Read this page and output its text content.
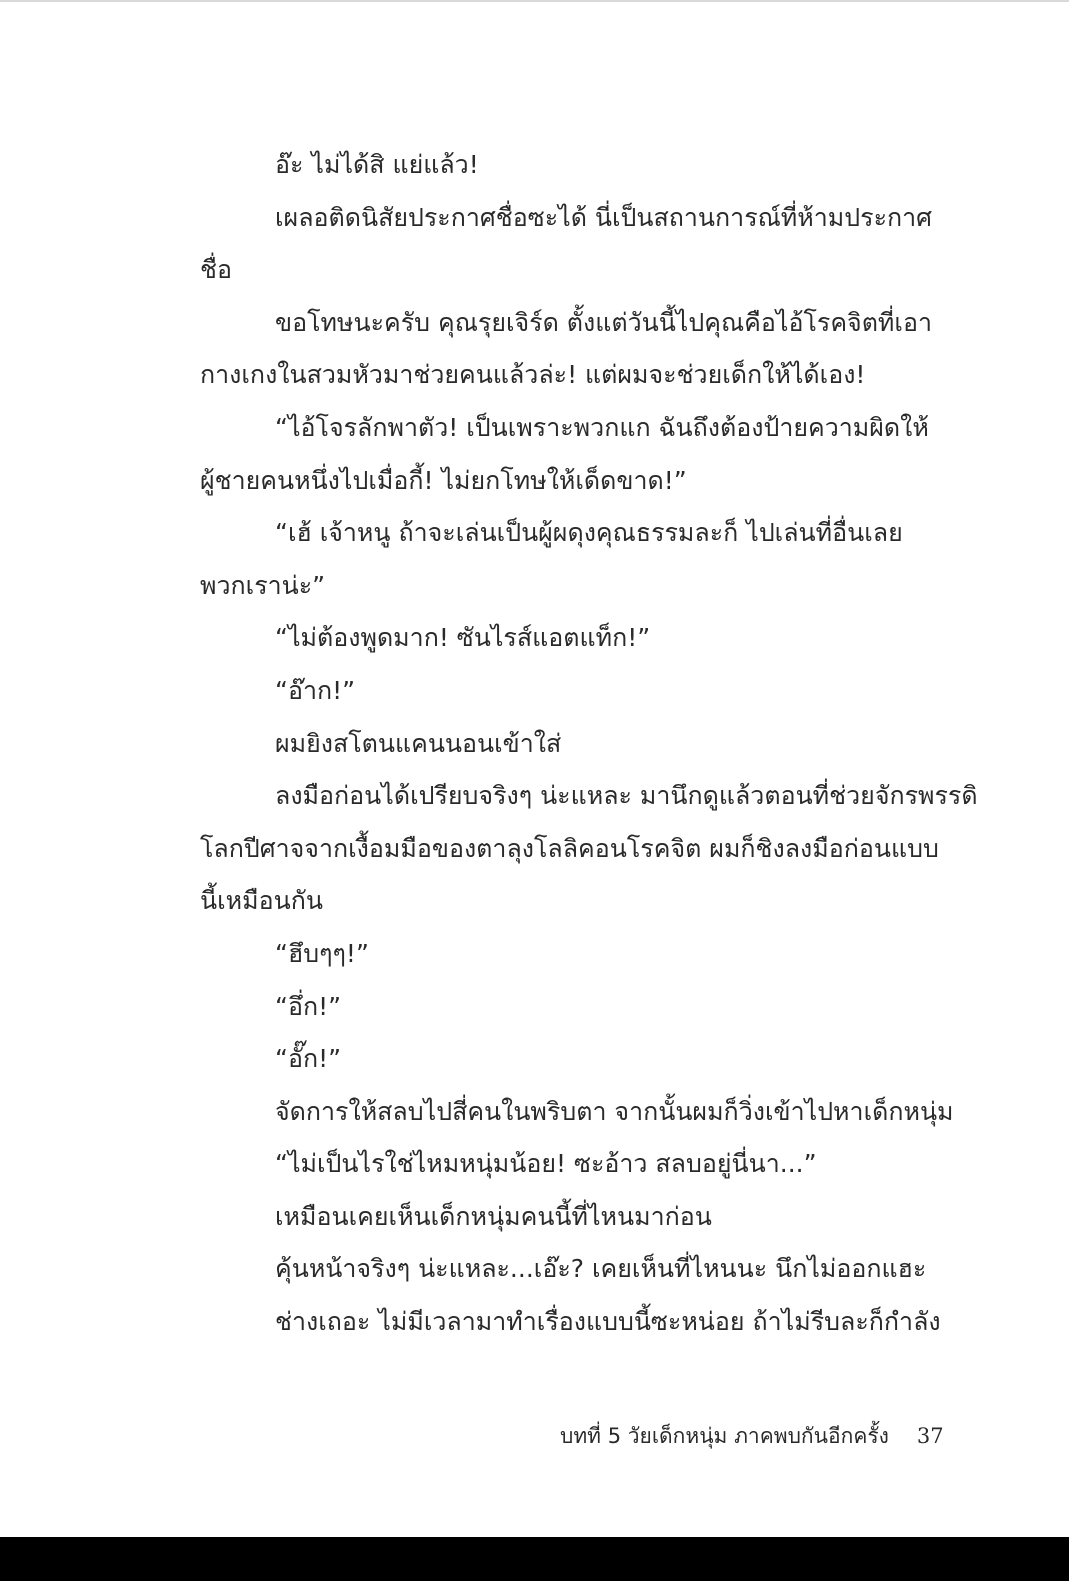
อ๊ะ ไม่ได้สิ แย่แล้ว!
เผลอติดนิสัยประกาศชื่อซะได้ นี่เป็นสถานการณ์ที่ห้ามประกาศ
ชื่อ
ขอโทษนะครับ คุณรุยเจิร์ด ตั้งแต่วันนี้ไปคุณคือไอ้โรคจิตที่เอา
กางเกงในสวมหัวมาช่วยคนแล้วล่ะ! แต่ผมจะช่วยเด็กให้ได้เอง!
“ไอ้โจรลักพาตัว! เป็นเพราะพวกแก ฉันถึงต้องป้ายความผิดให้
ผู้ชายคนหนึ่งไปเมื่อกี้! ไม่ยกโทษให้เด็ดขาด!”
“เฮ้ เจ้าหนู ถ้าจะเล่นเป็นผู้ผดุงคุณธรรมละก็ ไปเล่นที่อื่นเลย
พวกเราน่ะ”
“ไม่ต้องพูดมาก! ซันไรส์แอตแท็ก!”
“อ๊าก!”
ผมยิงสโตนแคนนอนเข้าใส่
ลงมือก่อนได้เปรียบจริงๆ น่ะแหละ มานึกดูแล้วตอนที่ช่วยจักรพรรดิ
โลกปีศาจจากเงื้อมมือของตาลุงโลลิคอนโรคจิต ผมก็ชิงลงมือก่อนแบบ
นี้เหมือนกัน
“ฮึบๆๆ!”
“อึ่ก!”
“อั๊ก!”
จัดการให้สลบไปสี่คนในพริบตา จากนั้นผมก็วิ่งเข้าไปหาเด็กหนุ่ม
“ไม่เป็นไรใช่ไหมหนุ่มน้อย! ซะอ้าว สลบอยู่นี่นา...”
เหมือนเคยเห็นเด็กหนุ่มคนนี้ที่ไหนมาก่อน
คุ้นหน้าจริงๆ น่ะแหละ...เอ๊ะ? เคยเห็นที่ไหนนะ นึกไม่ออกแฮะ
ช่างเถอะ ไม่มีเวลามาทำเรื่องแบบนี้ซะหน่อย ถ้าไม่รีบละก็กำลัง
บทที่ 5 วัยเด็กหนุ่ม ภาคพบกันอีกครั้ง 37
